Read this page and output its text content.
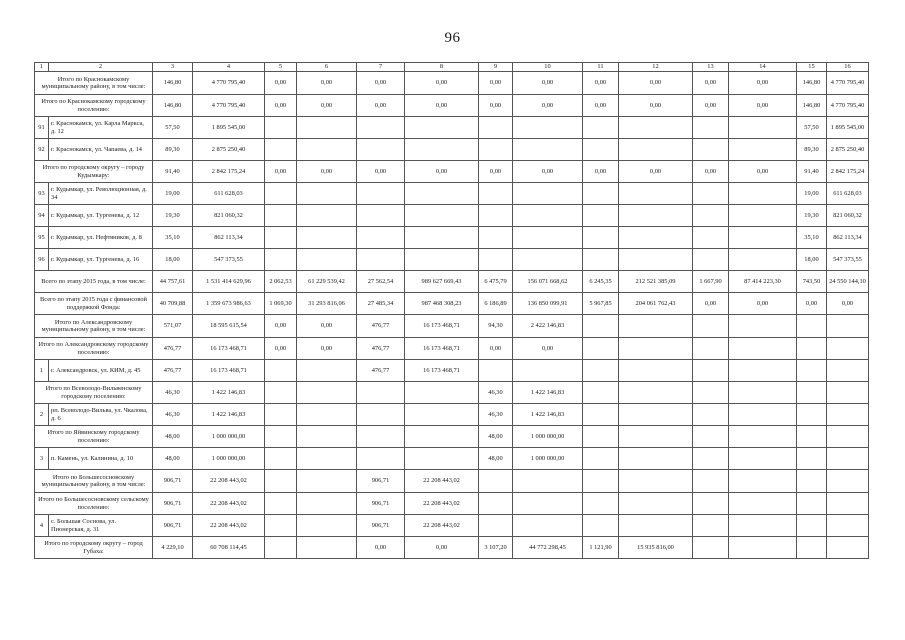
96
1	2	3	4	5	6	7	8	9	10	11	12	13	14	15	16
Итого по Краснокамскому муниципальному району, в том числе:		146,80	4 770 795,40	0,00	0,00	0,00	0,00	0,00	0,00	0,00	0,00	0,00	0,00	146,80	4 770 795,40
Итого по Краснокамскому городскому поселению:		146,80	4 770 795,40	0,00	0,00	0,00	0,00	0,00	0,00	0,00	0,00	0,00	0,00	146,80	4 770 795,40
91	г. Краснокамск, ул. Карла Маркса, д. 12	57,50	1 895 545,00											57,50	1 895 545,00
92	г. Краснокамск, ул. Чапаева, д. 14	89,30	2 875 250,40											89,30	2 875 250,40
Итого по городскому округу – городу Кудымкару:		91,40	2 842 175,24	0,00	0,00	0,00	0,00	0,00	0,00	0,00	0,00	0,00	0,00	91,40	2 842 175,24
93	г. Кудымкар, ул. Революционная, д. 34	19,00	611 628,03											19,00	611 628,03
94	г. Кудымкар, ул. Тургенева, д. 12	19,30	821 060,32											19,30	821 060,32
95	г. Кудымкар, ул. Нефтяников, д. 8	35,10	862 113,34											35,10	862 113,34
96	г. Кудымкар, ул. Тургенева, д. 16	18,00	547 373,55											18,00	547 373,55
Всего по этапу 2015 года, в том числе:		44 757,61	1 531 414 629,96	2 062,53	61 229 539,42	27 562,54	989 627 669,43	6 475,79	156 071 668,62	6 245,35	212 521 385,09	1 667,90	87 414 223,30	743,50	24 550 144,10
Всего по этапу 2015 года с финансовой поддержкой Фонда:		40 709,88	1 359 673 986,63	1 069,30	31 293 816,06	27 485,34	987 468 308,23	6 186,89	136 850 099,91	5 967,85	204 061 762,43	0,00	0,00	0,00	0,00
Итого по Александровскому муниципальному району, в том числе:		571,07	18 595 615,54	0,00	0,00	476,77	16 173 468,71	94,30	2 422 146,83						
Итого по Александровскому городскому поселению:		476,77	16 173 468,71	0,00	0,00	476,77	16 173 468,71	0,00	0,00						
1	г. Александровск, ул. КИМ, д. 45	476,77	16 173 468,71			476,77	16 173 468,71								
Итого по Всеволодо-Вильвенскому городскому поселению:		46,30	1 422 146,83					46,30	1 422 146,83						
2	рп. Всеволодо-Вильва, ул. Чкалова, д. 6	46,30	1 422 146,83					46,30	1 422 146,83						
Итого по Яйвинскому городскому поселению:		48,00	1 000 000,00					48,00	1 000 000,00						
3	п. Камень, ул. Калинина, д. 10	48,00	1 000 000,00					48,00	1 000 000,00						
Итого по Большесосновскому муниципальному району, в том числе:		906,71	22 208 443,02			906,71	22 208 443,02								
Итого по Большесосновскому сельскому поселению:		906,71	22 208 443,02			906,71	22 208 443,02								
4	с. Большая Соснова, ул. Пионерская, д. 31	906,71	22 208 443,02			906,71	22 208 443,02								
Итого по городскому округу – город Губаха:		4 229,10	60 708 114,45			0,00	0,00	3 107,20	44 772 298,45	1 121,90	15 935 816,00				
